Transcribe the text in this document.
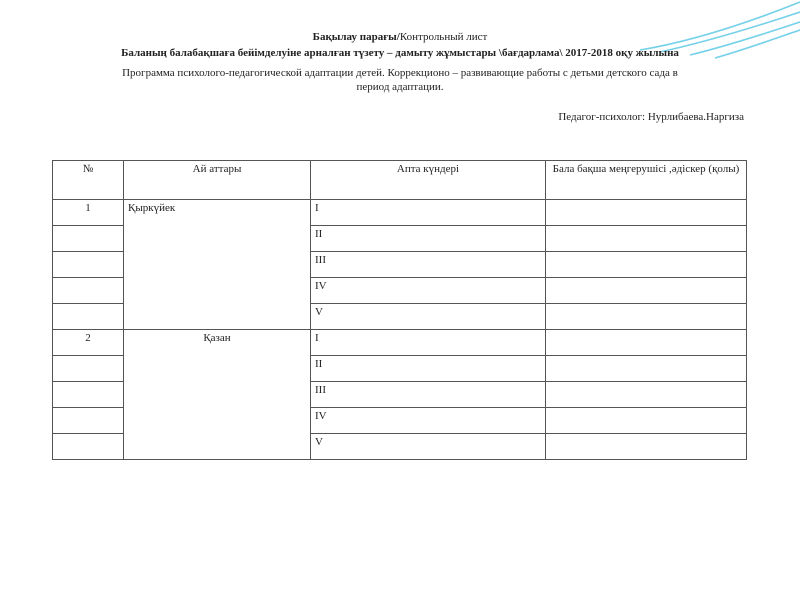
Бақылау парағы/Контрольный лист
Баланың балабақшаға бейімделуіне арналған түзету – дамыту жұмыстары \бағдарлама\ 2017-2018 оқу жылына
Программа психолого-педагогической адаптации детей. Коррекционо – развивающие работы с детьми детского сада в
период адаптации.
Педагог-психолог: Нурлибаева.Наргиза
№	Ай аттары	Апта күндері	Бала бақша меңгерушісі ,әдіскер (қолы)
1	Қыркүйек	I	
		II	
		III	
		IV	
		V	
2	Қазан	I	
		II	
		III	
		IV	
		V	
